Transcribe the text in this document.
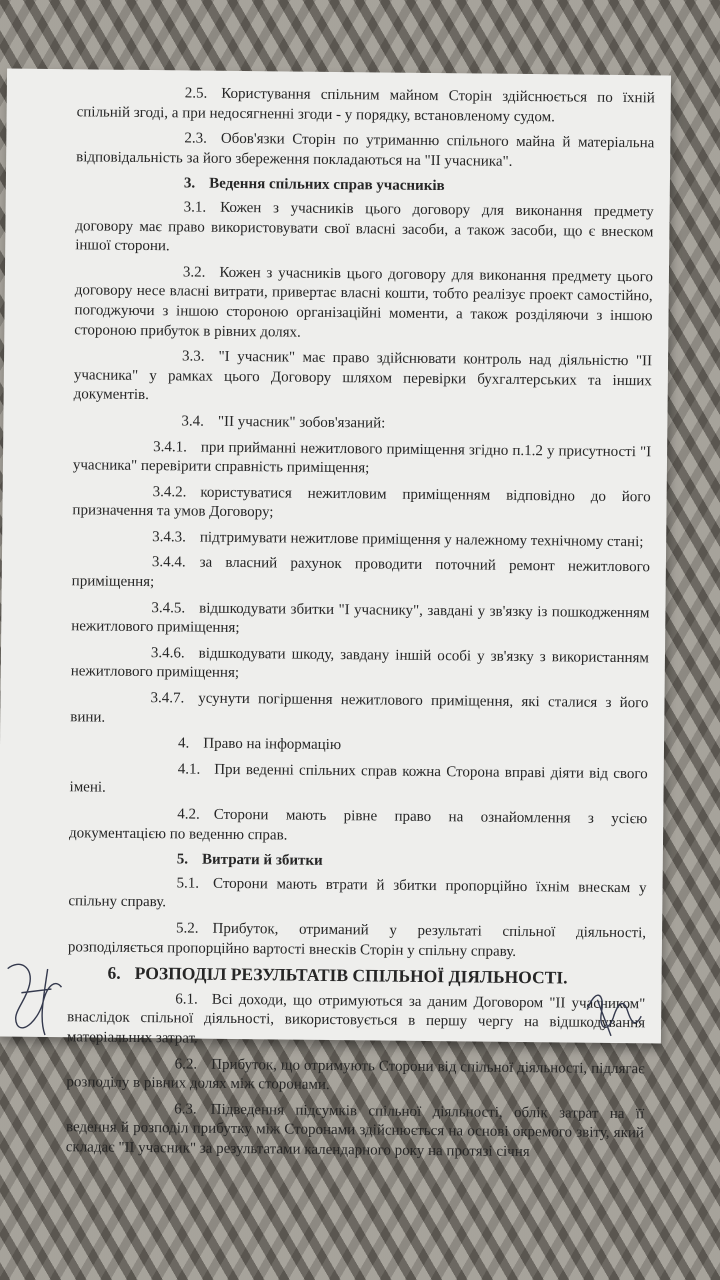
2.5. Користування спільним майном Сторін здійснюється по їхній спільній згоді, а при недосягненні згоди - у порядку, встановленому судом.

2.3. Обов'язки Сторін по утриманню спільного майна й матеріальна відповідальність за його збереження покладаються на "II учасника".

3. Ведення спільних справ учасників

3.1. Кожен з учасників цього договору для виконання предмету договору має право використовувати свої власні засоби, а також засоби, що є внеском іншої сторони.

3.2. Кожен з учасників цього договору для виконання предмету цього договору несе власні витрати, привертає власні кошти, тобто реалізує проект самостійно, погоджуючи з іншою стороною організаційні моменти, а також розділяючи з іншою стороною прибуток в рівних долях.

3.3. "I учасник" має право здійснювати контроль над діяльністю "II учасника" у рамках цього Договору шляхом перевірки бухгалтерських та інших документів.

3.4. "II учасник" зобов'язаний:

3.4.1. при прийманні нежитлового приміщення згідно п.1.2 у присутності "I учасника" перевірити справність приміщення;

3.4.2. користуватися нежитловим приміщенням відповідно до його призначення та умов Договору;

3.4.3. підтримувати нежитлове приміщення у належному технічному стані;

3.4.4. за власний рахунок проводити поточний ремонт нежитлового приміщення;

3.4.5. відшкодувати збитки "I учаснику", завдані у зв'язку із пошкодженням нежитлового приміщення;

3.4.6. відшкодувати шкоду, завдану іншій особі у зв'язку з використанням нежитлового приміщення;

3.4.7. усунути погіршення нежитлового приміщення, які сталися з його вини.

4. Право на інформацію

4.1. При веденні спільних справ кожна Сторона вправі діяти від свого імені.

4.2. Сторони мають рівне право на ознайомлення з усією документацією по веденню справ.

5. Витрати й збитки

5.1. Сторони мають втрати й збитки пропорційно їхнім внескам у спільну справу.

5.2. Прибуток, отриманий у результаті спільної діяльності, розподіляється пропорційно вартості внесків Сторін у спільну справу.

6. РОЗПОДІЛ РЕЗУЛЬТАТІВ СПІЛЬНОЇ ДІЯЛЬНОСТІ.

6.1. Всі доходи, що отримуються за даним Договором "II учасником" внаслідок спільної діяльності, використовується в першу чергу на відшкодування матеріальних затрат.

6.2. Прибуток, що отримують Сторони від спільної діяльності, підлягає розподілу в рівних долях між сторонами.

6.3. Підведення підсумків спільної діяльності, облік затрат на її ведення й розподіл прибутку між Сторонами здійснюється на основі окремого звіту, який складає "II учасник" за результатами календарного року на протязі січня
